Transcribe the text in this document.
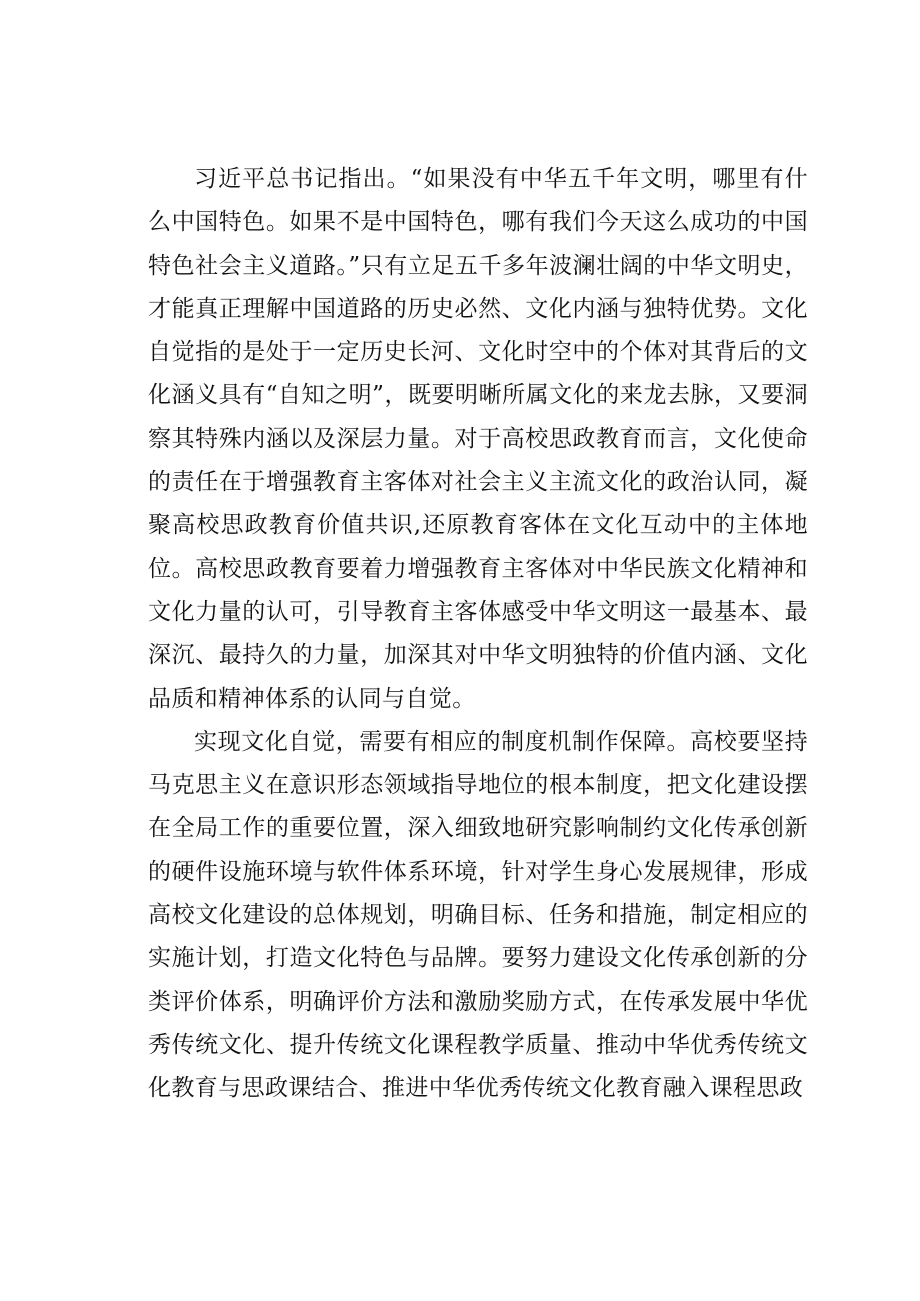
习近平总书记指出。“如果没有中华五千年文明，哪里有什么中国特色。如果不是中国特色，哪有我们今天这么成功的中国特色社会主义道路。”只有立足五千多年波澜壮阔的中华文明史，才能真正理解中国道路的历史必然、文化内涵与独特优势。文化自觉指的是处于一定历史长河、文化时空中的个体对其背后的文化涵义具有“自知之明”，既要明晰所属文化的来龙去脉，又要洞察其特殊内涵以及深层力量。对于高校思政教育而言，文化使命的责任在于增强教育主客体对社会主义主流文化的政治认同，凝聚高校思政教育价值共识,还原教育客体在文化互动中的主体地位。高校思政教育要着力增强教育主客体对中华民族文化精神和文化力量的认可，引导教育主客体感受中华文明这一最基本、最深沉、最持久的力量，加深其对中华文明独特的价值内涵、文化品质和精神体系的认同与自觉。

实现文化自觉，需要有相应的制度机制作保障。高校要坚持马克思主义在意识形态领域指导地位的根本制度，把文化建设摆在全局工作的重要位置，深入细致地研究影响制约文化传承创新的硬件设施环境与软件体系环境，针对学生身心发展规律，形成高校文化建设的总体规划，明确目标、任务和措施，制定相应的实施计划，打造文化特色与品牌。要努力建设文化传承创新的分类评价体系，明确评价方法和激励奖励方式，在传承发展中华优秀传统文化、提升传统文化课程教学质量、推动中华优秀传统文化教育与思政课结合、推进中华优秀传统文化教育融入课程思政
